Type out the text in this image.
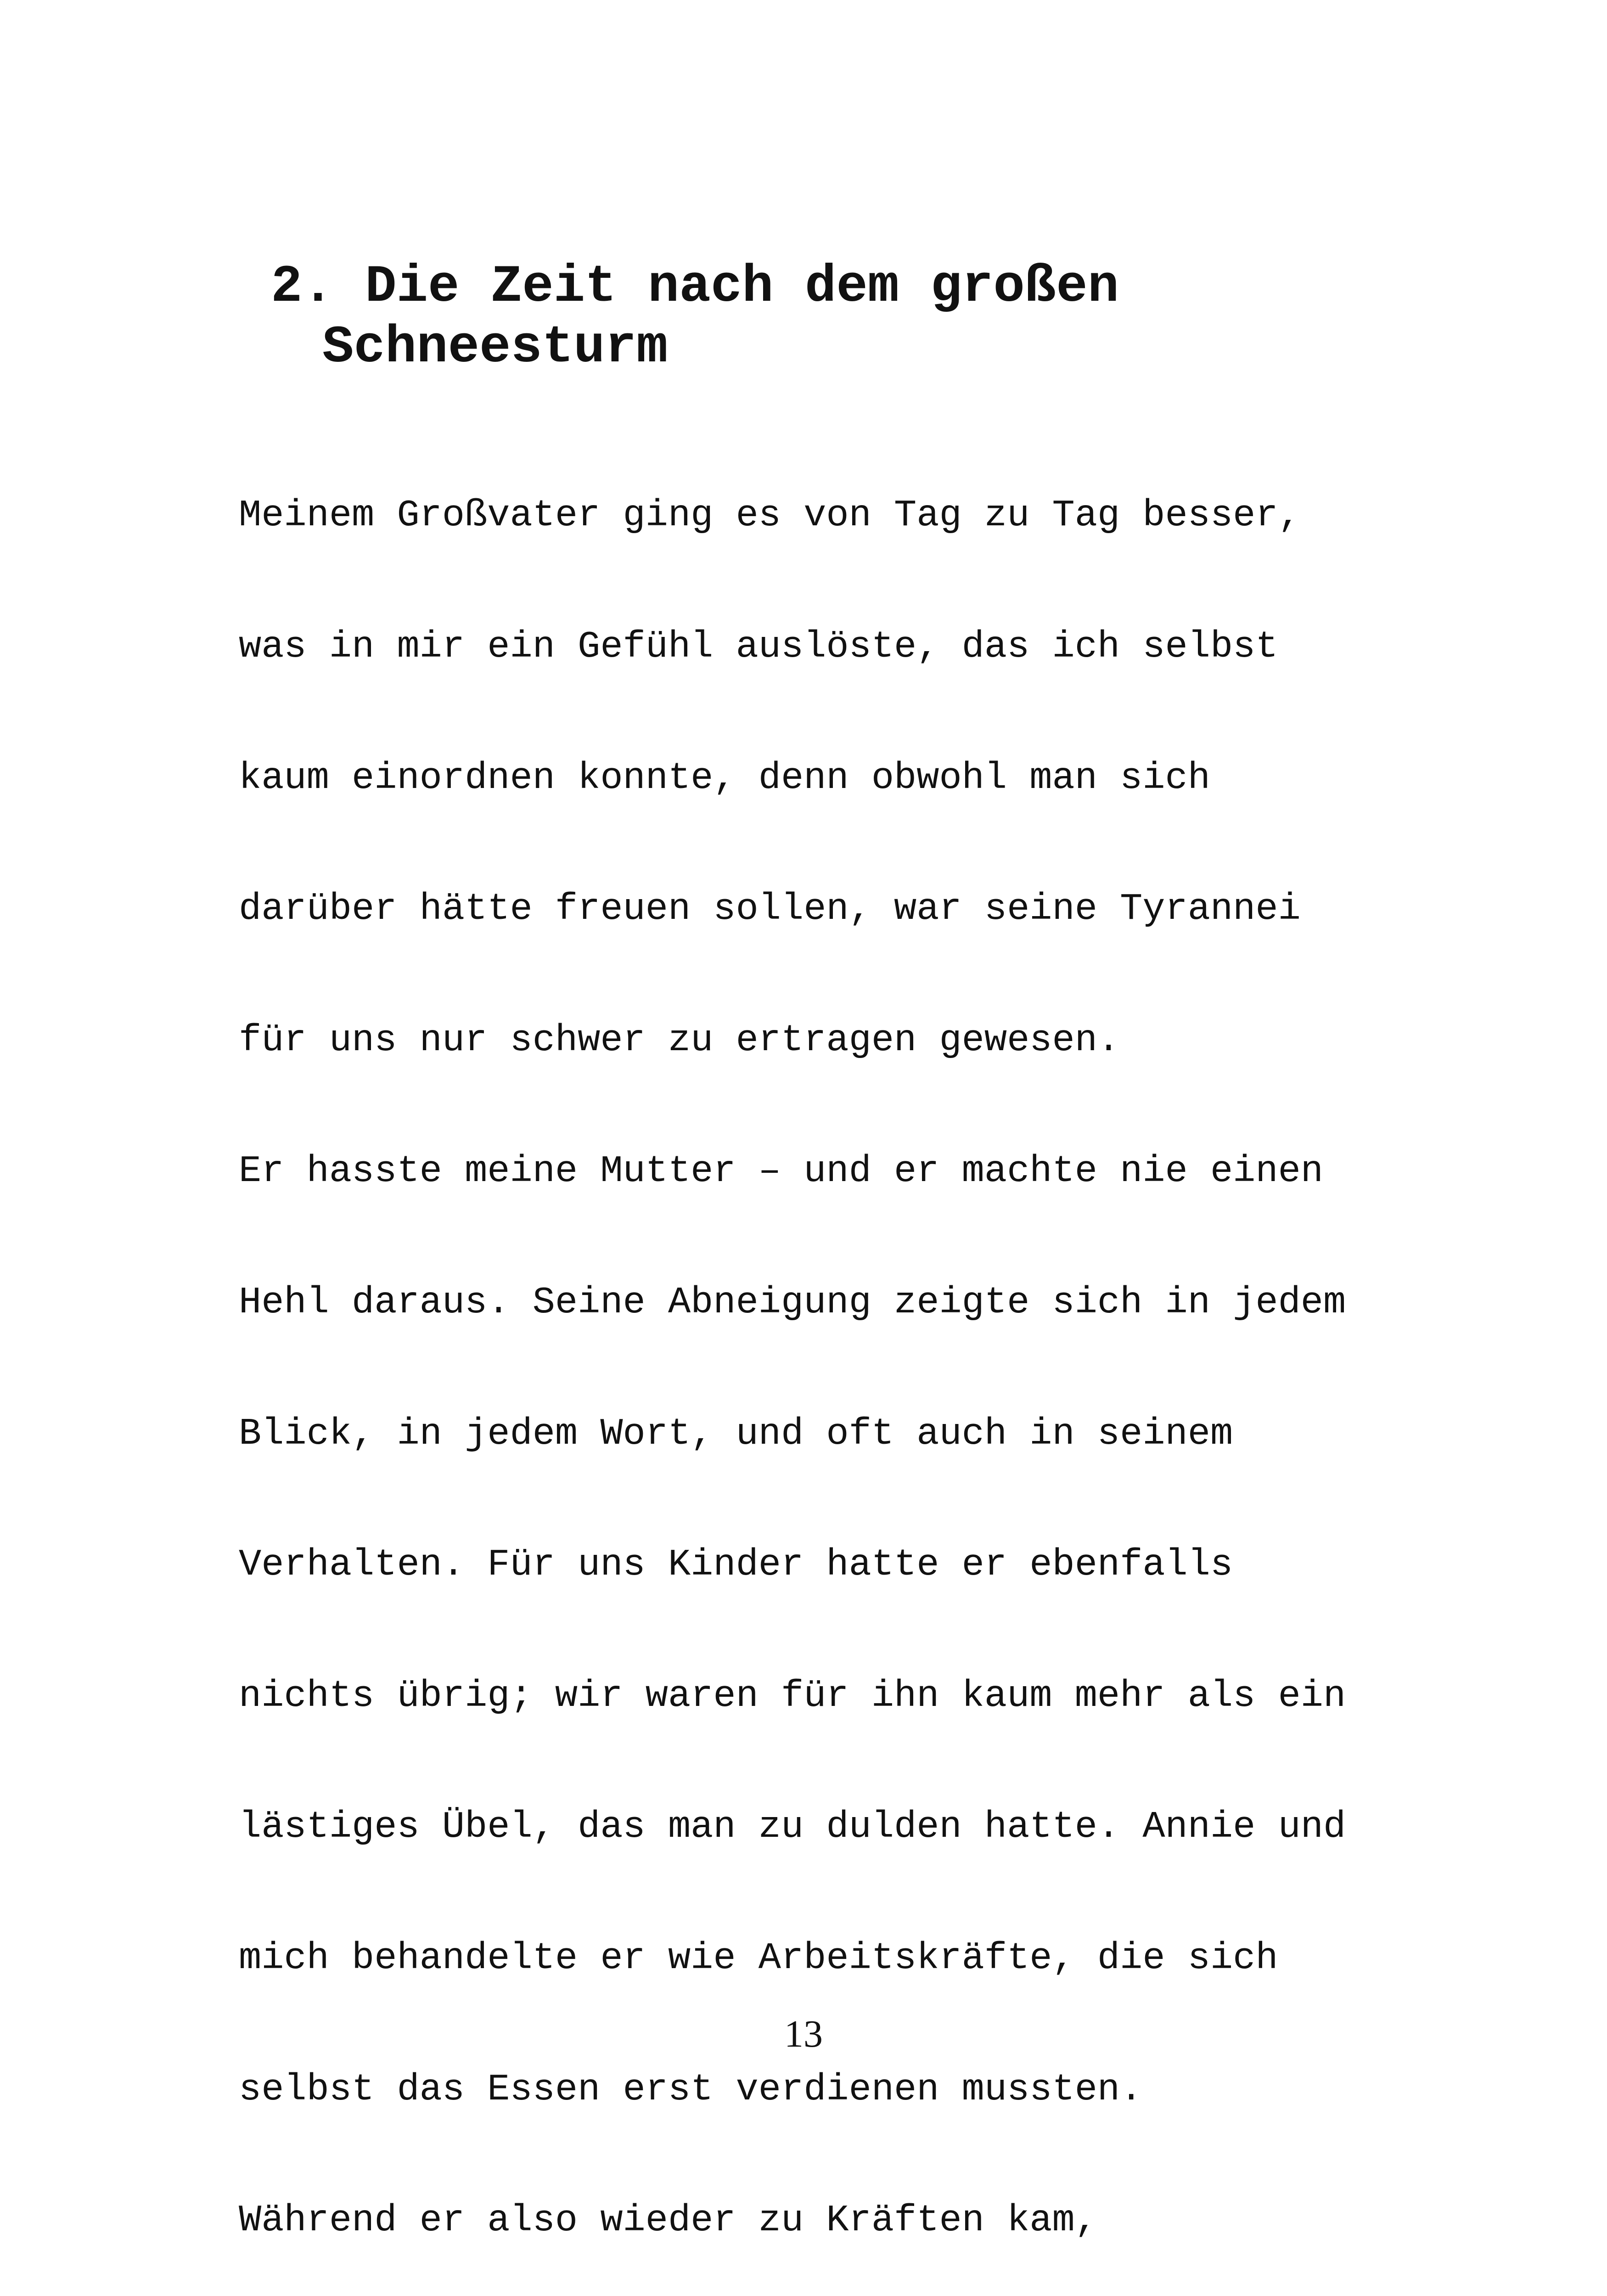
2. Die Zeit nach dem großen

Schneesturm

Meinem Großvater ging es von Tag zu Tag besser,

was in mir ein Gefühl auslöste, das ich selbst

kaum einordnen konnte, denn obwohl man sich

darüber hätte freuen sollen, war seine Tyrannei

für uns nur schwer zu ertragen gewesen.

Er hasste meine Mutter – und er machte nie einen

Hehl daraus. Seine Abneigung zeigte sich in jedem

Blick, in jedem Wort, und oft auch in seinem

Verhalten. Für uns Kinder hatte er ebenfalls

nichts übrig; wir waren für ihn kaum mehr als ein

lästiges Übel, das man zu dulden hatte. Annie und

mich behandelte er wie Arbeitskräfte, die sich

selbst das Essen erst verdienen mussten.

Während er also wieder zu Kräften kam,

13
